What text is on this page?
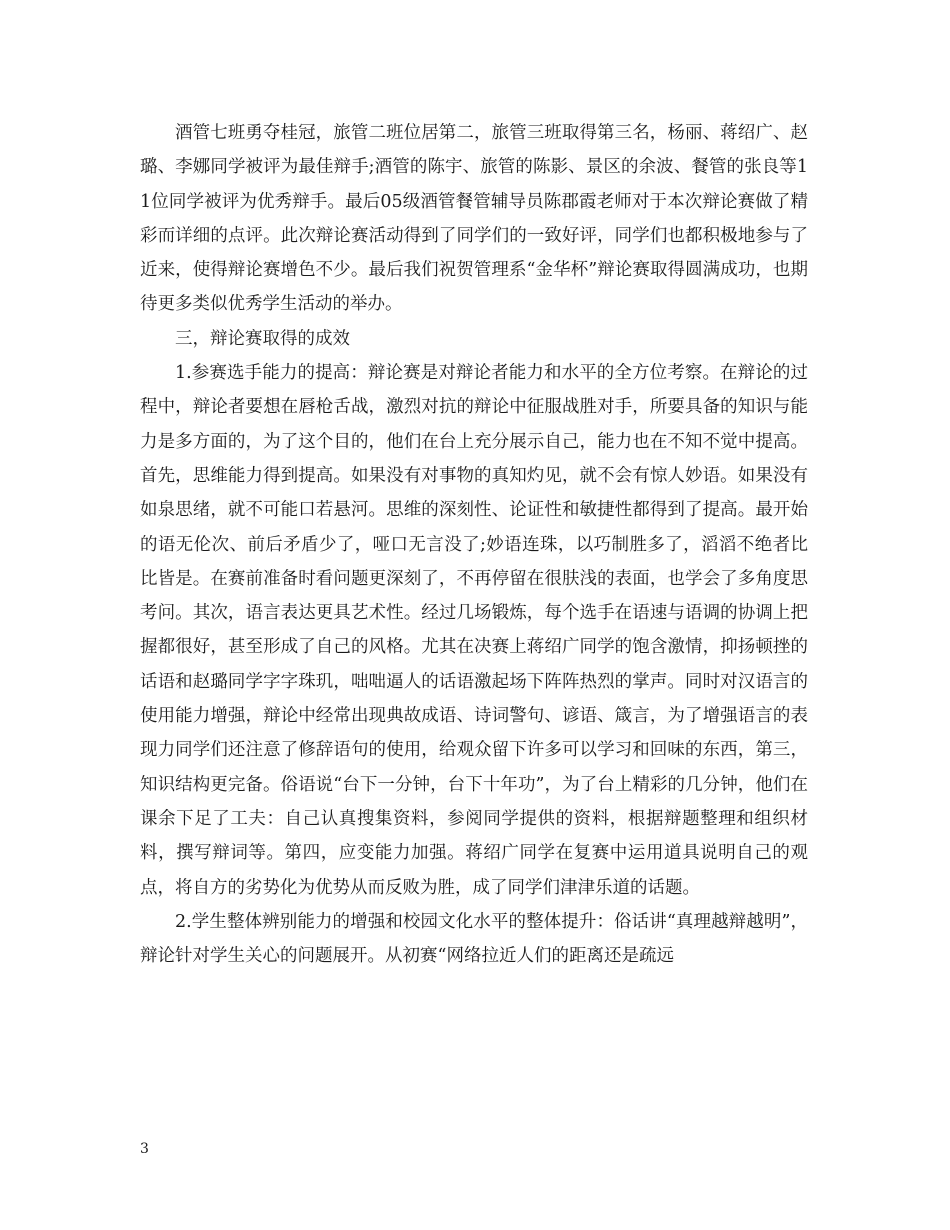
酒管七班勇夺桂冠，旅管二班位居第二，旅管三班取得第三名，杨丽、蒋绍广、赵璐、李娜同学被评为最佳辩手;酒管的陈宇、旅管的陈影、景区的余波、餐管的张良等11位同学被评为优秀辩手。最后05级酒管餐管辅导员陈郡霞老师对于本次辩论赛做了精彩而详细的点评。此次辩论赛活动得到了同学们的一致好评，同学们也都积极地参与了近来，使得辩论赛增色不少。最后我们祝贺管理系“金华杯”辩论赛取得圆满成功，也期待更多类似优秀学生活动的举办。

三，辩论赛取得的成效

1.参赛选手能力的提高：辩论赛是对辩论者能力和水平的全方位考察。在辩论的过程中，辩论者要想在唇枪舌战，激烈对抗的辩论中征服战胜对手，所要具备的知识与能力是多方面的，为了这个目的，他们在台上充分展示自己，能力也在不知不觉中提高。首先，思维能力得到提高。如果没有对事物的真知灼见，就不会有惊人妙语。如果没有如泉思绪，就不可能口若悬河。思维的深刻性、论证性和敏捷性都得到了提高。最开始的语无伦次、前后矛盾少了，哑口无言没了;妙语连珠，以巧制胜多了，滔滔不绝者比比皆是。在赛前准备时看问题更深刻了，不再停留在很肤浅的表面，也学会了多角度思考问。其次，语言表达更具艺术性。经过几场锻炼，每个选手在语速与语调的协调上把握都很好，甚至形成了自己的风格。尤其在决赛上蒋绍广同学的饱含激情，抑扬顿挫的话语和赵璐同学字字珠玑，咄咄逼人的话语激起场下阵阵热烈的掌声。同时对汉语言的使用能力增强，辩论中经常出现典故成语、诗词警句、谚语、箴言，为了增强语言的表现力同学们还注意了修辞语句的使用，给观众留下许多可以学习和回味的东西，第三，知识结构更完备。俗语说“台下一分钟，台下十年功”，为了台上精彩的几分钟，他们在课余下足了工夫：自己认真搜集资料，参阅同学提供的资料，根据辩题整理和组织材料，撰写辩词等。第四，应变能力加强。蒋绍广同学在复赛中运用道具说明自己的观点，将自方的劣势化为优势从而反败为胜，成了同学们津津乐道的话题。

2.学生整体辨别能力的增强和校园文化水平的整体提升：俗话讲“真理越辩越明”，辩论针对学生关心的问题展开。从初赛“网络拉近人们的距离还是疏远

3
